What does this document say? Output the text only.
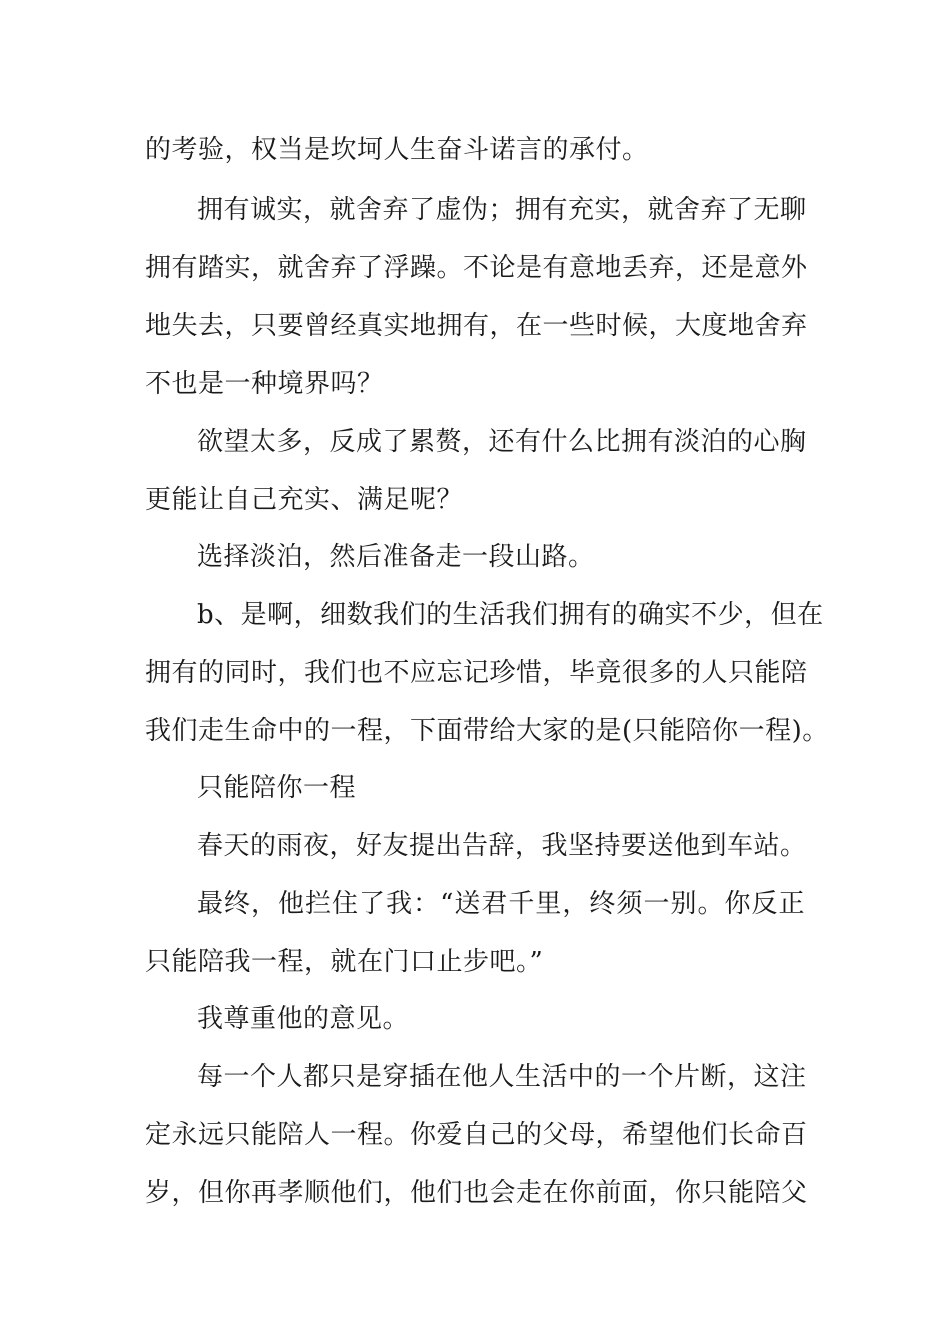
的考验，权当是坎坷人生奋斗诺言的承付。
拥有诚实，就舍弃了虚伪；拥有充实，就舍弃了无聊
拥有踏实，就舍弃了浮躁。不论是有意地丢弃，还是意外
地失去，只要曾经真实地拥有，在一些时候，大度地舍弃
不也是一种境界吗？
欲望太多，反成了累赘，还有什么比拥有淡泊的心胸
更能让自己充实、满足呢？
选择淡泊，然后准备走一段山路。
b、是啊，细数我们的生活我们拥有的确实不少，但在
拥有的同时，我们也不应忘记珍惜，毕竟很多的人只能陪
我们走生命中的一程，下面带给大家的是(只能陪你一程)。
只能陪你一程
春天的雨夜，好友提出告辞，我坚持要送他到车站。
最终，他拦住了我：“送君千里，终须一别。你反正
只能陪我一程，就在门口止步吧。”
我尊重他的意见。
每一个人都只是穿插在他人生活中的一个片断，这注
定永远只能陪人一程。你爱自己的父母，希望他们长命百
岁，但你再孝顺他们，他们也会走在你前面，你只能陪父
